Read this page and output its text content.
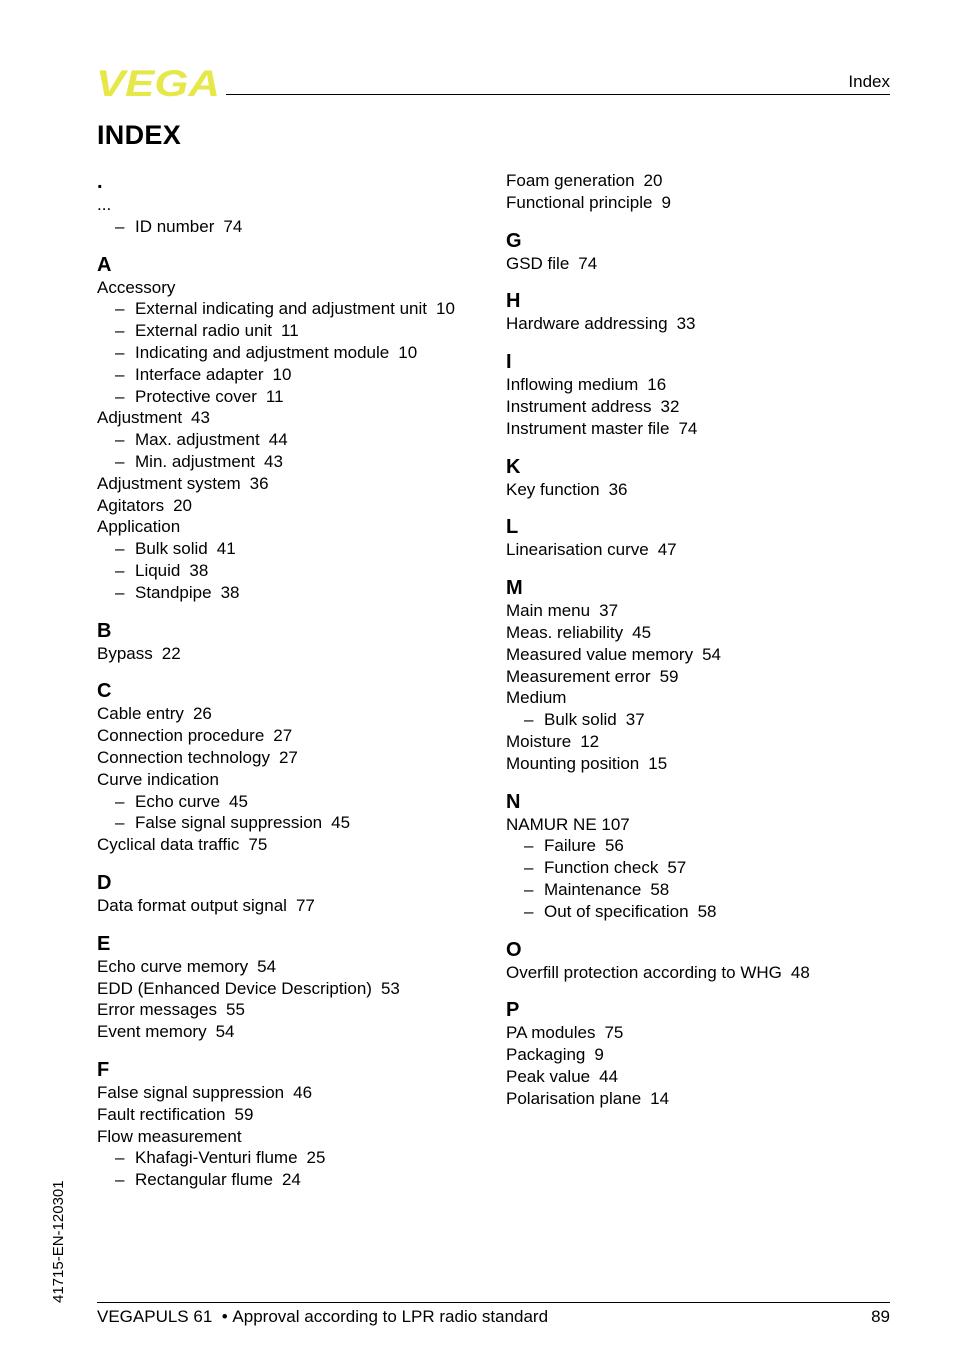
VEGA	Index
INDEX
.
...
– ID number 74
A
Accessory
– External indicating and adjustment unit 10
– External radio unit 11
– Indicating and adjustment module 10
– Interface adapter 10
– Protective cover 11
Adjustment 43
– Max. adjustment 44
– Min. adjustment 43
Adjustment system 36
Agitators 20
Application
– Bulk solid 41
– Liquid 38
– Standpipe 38
B
Bypass 22
C
Cable entry 26
Connection procedure 27
Connection technology 27
Curve indication
– Echo curve 45
– False signal suppression 45
Cyclical data traffic 75
D
Data format output signal 77
E
Echo curve memory 54
EDD (Enhanced Device Description) 53
Error messages 55
Event memory 54
F
False signal suppression 46
Fault rectification 59
Flow measurement
– Khafagi-Venturi flume 25
– Rectangular flume 24
Foam generation 20
Functional principle 9
G
GSD file 74
H
Hardware addressing 33
I
Inflowing medium 16
Instrument address 32
Instrument master file 74
K
Key function 36
L
Linearisation curve 47
M
Main menu 37
Meas. reliability 45
Measured value memory 54
Measurement error 59
Medium
– Bulk solid 37
Moisture 12
Mounting position 15
N
NAMUR NE 107
– Failure 56
– Function check 57
– Maintenance 58
– Out of specification 58
O
Overfill protection according to WHG 48
P
PA modules 75
Packaging 9
Peak value 44
Polarisation plane 14
41715-EN-120301
VEGAPULS 61 • Approval according to LPR radio standard	89
